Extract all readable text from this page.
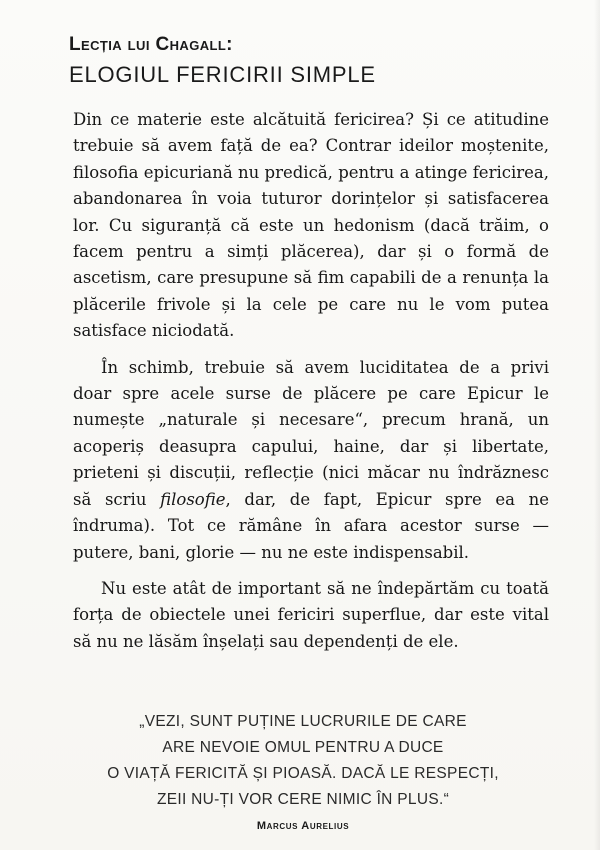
Lecția lui Chagall:
ELOGIUL FERICIRII SIMPLE

Din ce materie este alcătuită fericirea? Și ce atitudine trebuie să avem față de ea? Contrar ideilor moștenite, filosofia epicuriană nu predică, pentru a atinge fericirea, abandonarea în voia tuturor dorințelor și satisfacerea lor. Cu siguranță că este un hedonism (dacă trăim, o facem pentru a simți plăcerea), dar și o formă de ascetism, care presupune să fim capabili de a renunța la plăcerile frivole și la cele pe care nu le vom putea satisface niciodată.

În schimb, trebuie să avem luciditatea de a privi doar spre acele surse de plăcere pe care Epicur le numește „naturale și necesare“, precum hrană, un acoperiș deasupra capului, haine, dar și libertate, prieteni și discuții, reflecție (nici măcar nu îndrăznesc să scriu filosofie, dar, de fapt, Epicur spre ea ne îndruma). Tot ce rămâne în afara acestor surse — putere, bani, glorie — nu ne este indispensabil.

Nu este atât de important să ne îndepărtăm cu toată forța de obiectele unei fericiri superflue, dar este vital să nu ne lăsăm înșelați sau dependenți de ele.

„VEZI, SUNT PUȚINE LUCRURILE DE CARE
ARE NEVOIE OMUL PENTRU A DUCE
O VIAȚĂ FERICITĂ ȘI PIOASĂ. DACĂ LE RESPECȚI,
ZEII NU-ȚI VOR CERE NIMIC ÎN PLUS.“
Marcus Aurelius
